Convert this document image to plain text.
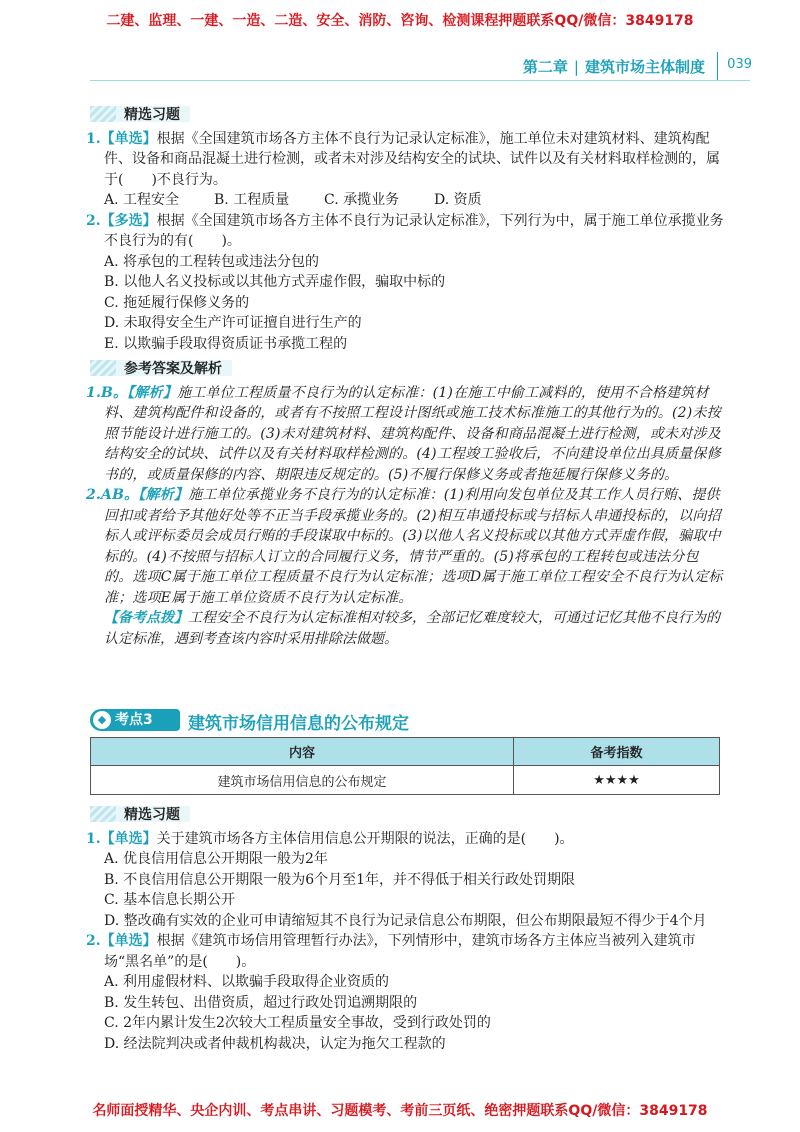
二建、监理、一建、一造、二造、安全、消防、咨询、检测课程押题联系QQ/微信：3849178
第二章 | 建筑市场主体制度 039
精选习题

1.【单选】根据《全国建筑市场各方主体不良行为记录认定标准》，施工单位未对建筑材料、建筑构配件、设备和商品混凝土进行检测，或者未对涉及结构安全的试块、试件以及有关材料取样检测的，属于(　　)不良行为。

A. 工程安全	B. 工程质量	C. 承揽业务	D. 资质

2.【多选】根据《全国建筑市场各方主体不良行为记录认定标准》，下列行为中，属于施工单位承揽业务不良行为的有(　　)。

A. 将承包的工程转包或违法分包的

B. 以他人名义投标或以其他方式弄虚作假，骗取中标的

C. 拖延履行保修义务的

D. 未取得安全生产许可证擅自进行生产的

E. 以欺骗手段取得资质证书承揽工程的

参考答案及解析

1.B。【解析】施工单位工程质量不良行为的认定标准：(1)在施工中偷工减料的，使用不合格建筑材料、建筑构配件和设备的，或者有不按照工程设计图纸或施工技术标准施工的其他行为的。(2)未按照节能设计进行施工的。(3)未对建筑材料、建筑构配件、设备和商品混凝土进行检测，或未对涉及结构安全的试块、试件以及有关材料取样检测的。(4)工程竣工验收后，不向建设单位出具质量保修书的，或质量保修的内容、期限违反规定的。(5)不履行保修义务或者拖延履行保修义务的。

2.AB。【解析】施工单位承揽业务不良行为的认定标准：(1)利用向发包单位及其工作人员行贿、提供回扣或者给予其他好处等不正当手段承揽业务的。(2)相互串通投标或与招标人串通投标的，以向招标人或评标委员会成员行贿的手段谋取中标的。(3)以他人名义投标或以其他方式弄虚作假，骗取中标的。(4)不按照与招标人订立的合同履行义务，情节严重的。(5)将承包的工程转包或违法分包的。选项C属于施工单位工程质量不良行为认定标准；选项D属于施工单位工程安全不良行为认定标准；选项E属于施工单位资质不良行为认定标准。

【备考点拨】工程安全不良行为认定标准相对较多，全部记忆难度较大，可通过记忆其他不良行为的认定标准，遇到考查该内容时采用排除法做题。

◆ 考点3	建筑市场信用信息的公布规定
内容	备考指数
建筑市场信用信息的公布规定	★★★★
精选习题

1.【单选】关于建筑市场各方主体信用信息公开期限的说法，正确的是(　　)。

A. 优良信用信息公开期限一般为2年

B. 不良信用信息公开期限一般为6个月至1年，并不得低于相关行政处罚期限

C. 基本信息长期公开

D. 整改确有实效的企业可申请缩短其不良行为记录信息公布期限，但公布期限最短不得少于4个月

2.【单选】根据《建筑市场信用管理暂行办法》，下列情形中，建筑市场各方主体应当被列入建筑市场“黑名单”的是(　　)。

A. 利用虚假材料、以欺骗手段取得企业资质的

B. 发生转包、出借资质，超过行政处罚追溯期限的

C. 2年内累计发生2次较大工程质量安全事故，受到行政处罚的

D. 经法院判决或者仲裁机构裁决，认定为拖欠工程款的

名师面授精华、央企内训、考点串讲、习题模考、考前三页纸、绝密押题联系QQ/微信：3849178
